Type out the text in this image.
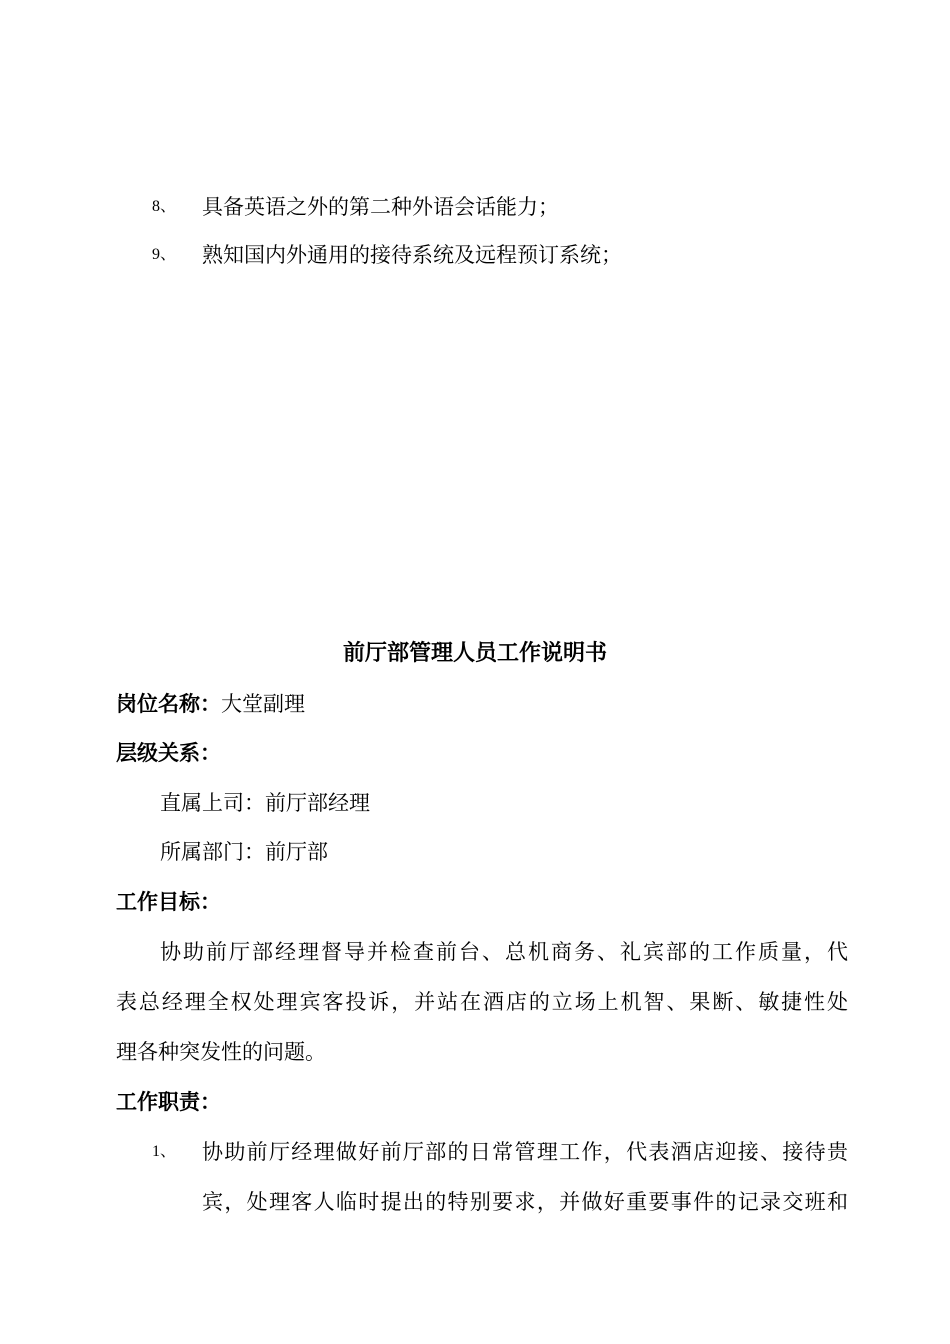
8、 具备英语之外的第二种外语会话能力；
9、 熟知国内外通用的接待系统及远程预订系统；
前厅部管理人员工作说明书
岗位名称：大堂副理
层级关系：
直属上司：前厅部经理
所属部门：前厅部
工作目标：
协助前厅部经理督导并检查前台、总机商务、礼宾部的工作质量，代
表总经理全权处理宾客投诉，并站在酒店的立场上机智、果断、敏捷性处
理各种突发性的问题。
工作职责：
1、 协助前厅经理做好前厅部的日常管理工作，代表酒店迎接、接待贵
宾，处理客人临时提出的特别要求，并做好重要事件的记录交班和
